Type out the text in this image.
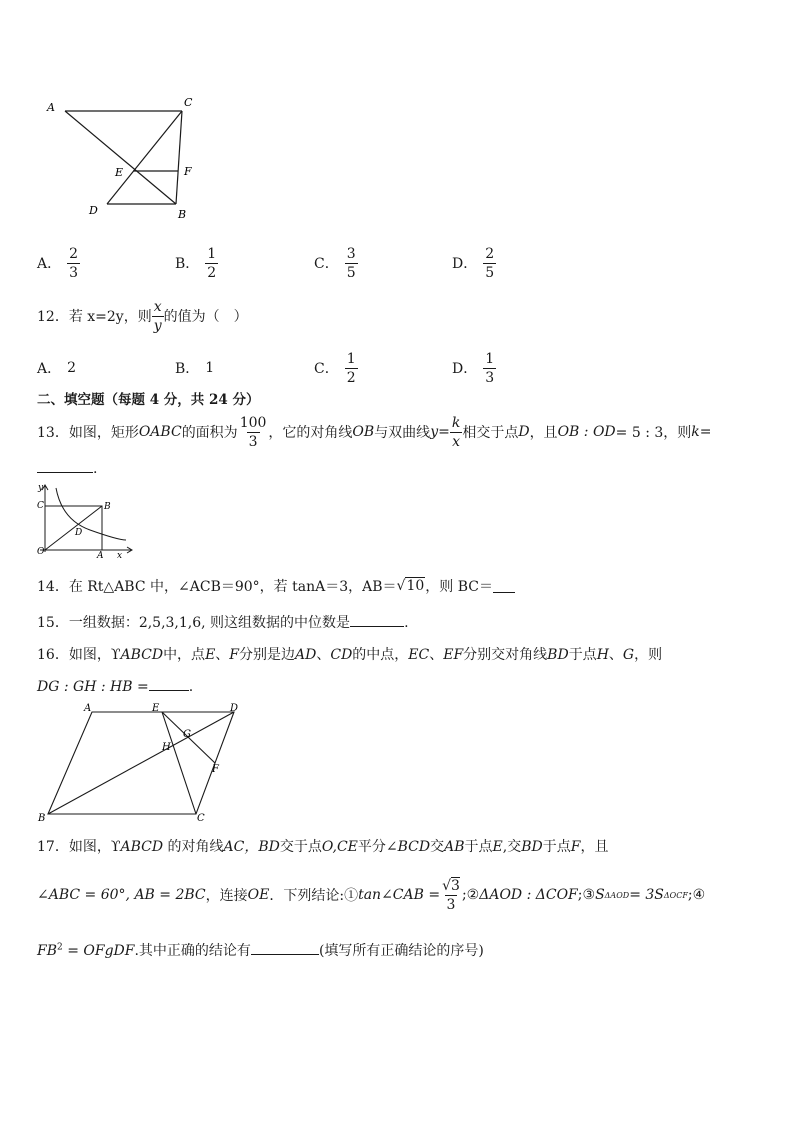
A	C
E	F
D	B
A． $\frac{2}{3}$	B． $\frac{1}{2}$	C． $\frac{3}{5}$	D． $\frac{2}{5}$
12．若 x=2y，则 $\frac{x}{y}$ 的值为（　）
A． 2	B． 1	C． $\frac{1}{2}$	D． $\frac{1}{3}$
二、填空题（每题 4 分，共 24 分）
13．如图，矩形 OABC 的面积为 $\frac{100}{3}$ ，它的对角线 OB 与双曲线 $y = \frac{k}{x}$ 相交于点 D ，且 OB : OD = 5 : 3，则 k =
.
y
C	B
D
O	A x
14．在 Rt△ABC 中，∠ACB＝90°，若 tanA＝3，AB＝ √10 ，则 BC＝
15．一组数据：2,5,3,1,6, 则这组数据的中位数是	.
16．如图，ϒABCD中，点E、F分别是边AD、CD的中点，EC、EF分别交对角线BD于点H、G，则
DG : GH : HB =	.
A	E	D
G
H
F
B	C
17．如图，ϒABCD 的对角线AC，BD交于点O,CE平分∠BCD交AB于点E,交BD于点F，且
∠ABC = 60°, AB = 2BC ，连接 OE ．下列结论:① tan∠CAB = $\frac{√3}{3}$ ;② ΔAOD : ΔCOF ;③ S ΔAOD = 3S ΔOCF ;④
$FB^2$ = OFgDF.其中正确的结论有	(填写所有正确结论的序号)
